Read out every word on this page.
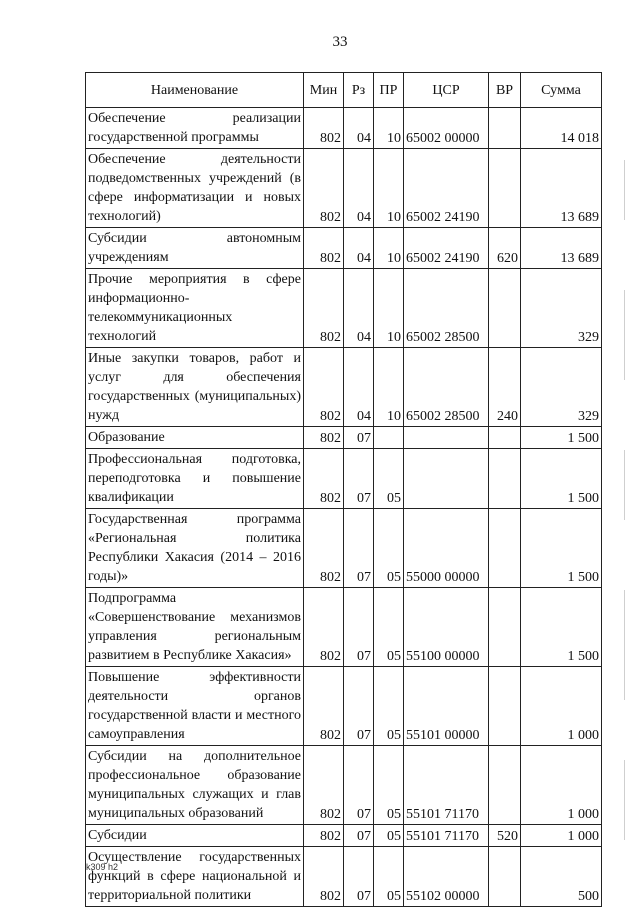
33
Наименование	Мин	Рз	ПР	ЦСР	ВР	Сумма
Обеспечение реализации государственной программы	802	04	10	65002 00000		14 018
Обеспечение деятельности подведомственных учреждений (в сфере информатизации и новых технологий)	802	04	10	65002 24190		13 689
Субсидии автономным учреждениям	802	04	10	65002 24190	620	13 689
Прочие мероприятия в сфере информационно-телекоммуникационных технологий	802	04	10	65002 28500		329
Иные закупки товаров, работ и услуг для обеспечения государственных (муниципальных) нужд	802	04	10	65002 28500	240	329
Образование	802	07				1 500
Профессиональная подготовка, переподготовка и повышение квалификации	802	07	05			1 500
Государственная программа «Региональная политика Республики Хакасия (2014 – 2016 годы)»	802	07	05	55000 00000		1 500
Подпрограмма «Совершенствование механизмов управления региональным развитием в Республике Хакасия»	802	07	05	55100 00000		1 500
Повышение эффективности деятельности органов государственной власти и местного самоуправления	802	07	05	55101 00000		1 000
Субсидии на дополнительное профессиональное образование муниципальных служащих и глав муниципальных образований	802	07	05	55101 71170		1 000
Субсидии	802	07	05	55101 71170	520	1 000
Осуществление государственных функций в сфере национальной и территориальной политики	802	07	05	55102 00000		500
k309 h2
